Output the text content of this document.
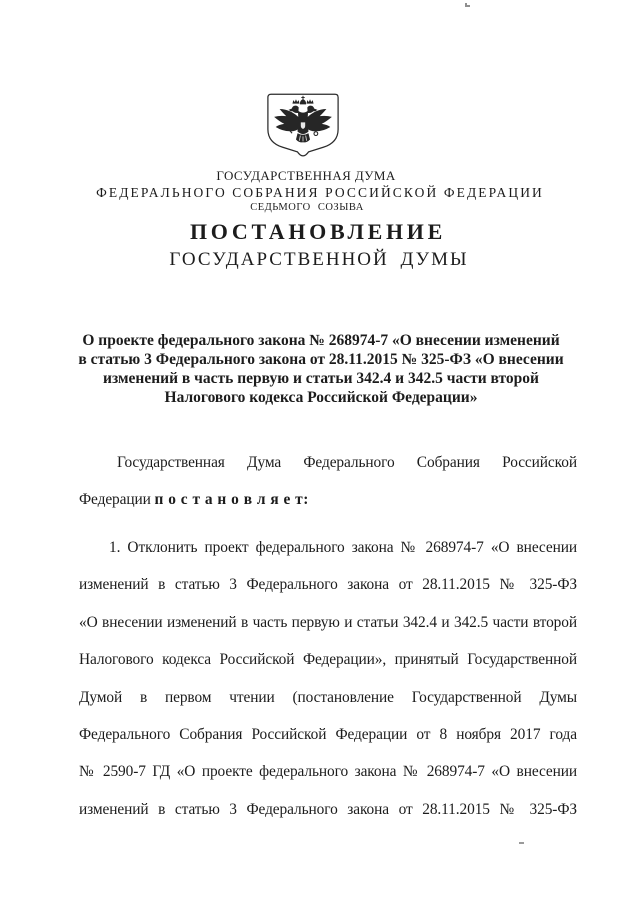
ГОСУДАРСТВЕННАЯ ДУМА
ФЕДЕРАЛЬНОГО СОБРАНИЯ РОССИЙСКОЙ ФЕДЕРАЦИИ
СЕДЬМОГО СОЗЫВА
ПОСТАНОВЛЕНИЕ
ГОСУДАРСТВЕННОЙ ДУМЫ
О проекте федерального закона № 268974-7 «О внесении изменений
в статью 3 Федерального закона от 28.11.2015 № 325-ФЗ «О внесении
изменений в часть первую и статьи 342.4 и 342.5 части второй
Налогового кодекса Российской Федерации»
Государственная Дума Федерального Собрания Российской
Федерации п о с т а н о в л я е т:
1. Отклонить проект федерального закона № 268974-7 «О внесении
изменений в статью 3 Федерального закона от 28.11.2015 № 325-ФЗ
«О внесении изменений в часть первую и статьи 342.4 и 342.5 части второй
Налогового кодекса Российской Федерации», принятый Государственной
Думой в первом чтении (постановление Государственной Думы
Федерального Собрания Российской Федерации от 8 ноября 2017 года
№ 2590-7 ГД «О проекте федерального закона № 268974-7 «О внесении
изменений в статью 3 Федерального закона от 28.11.2015 № 325-ФЗ
